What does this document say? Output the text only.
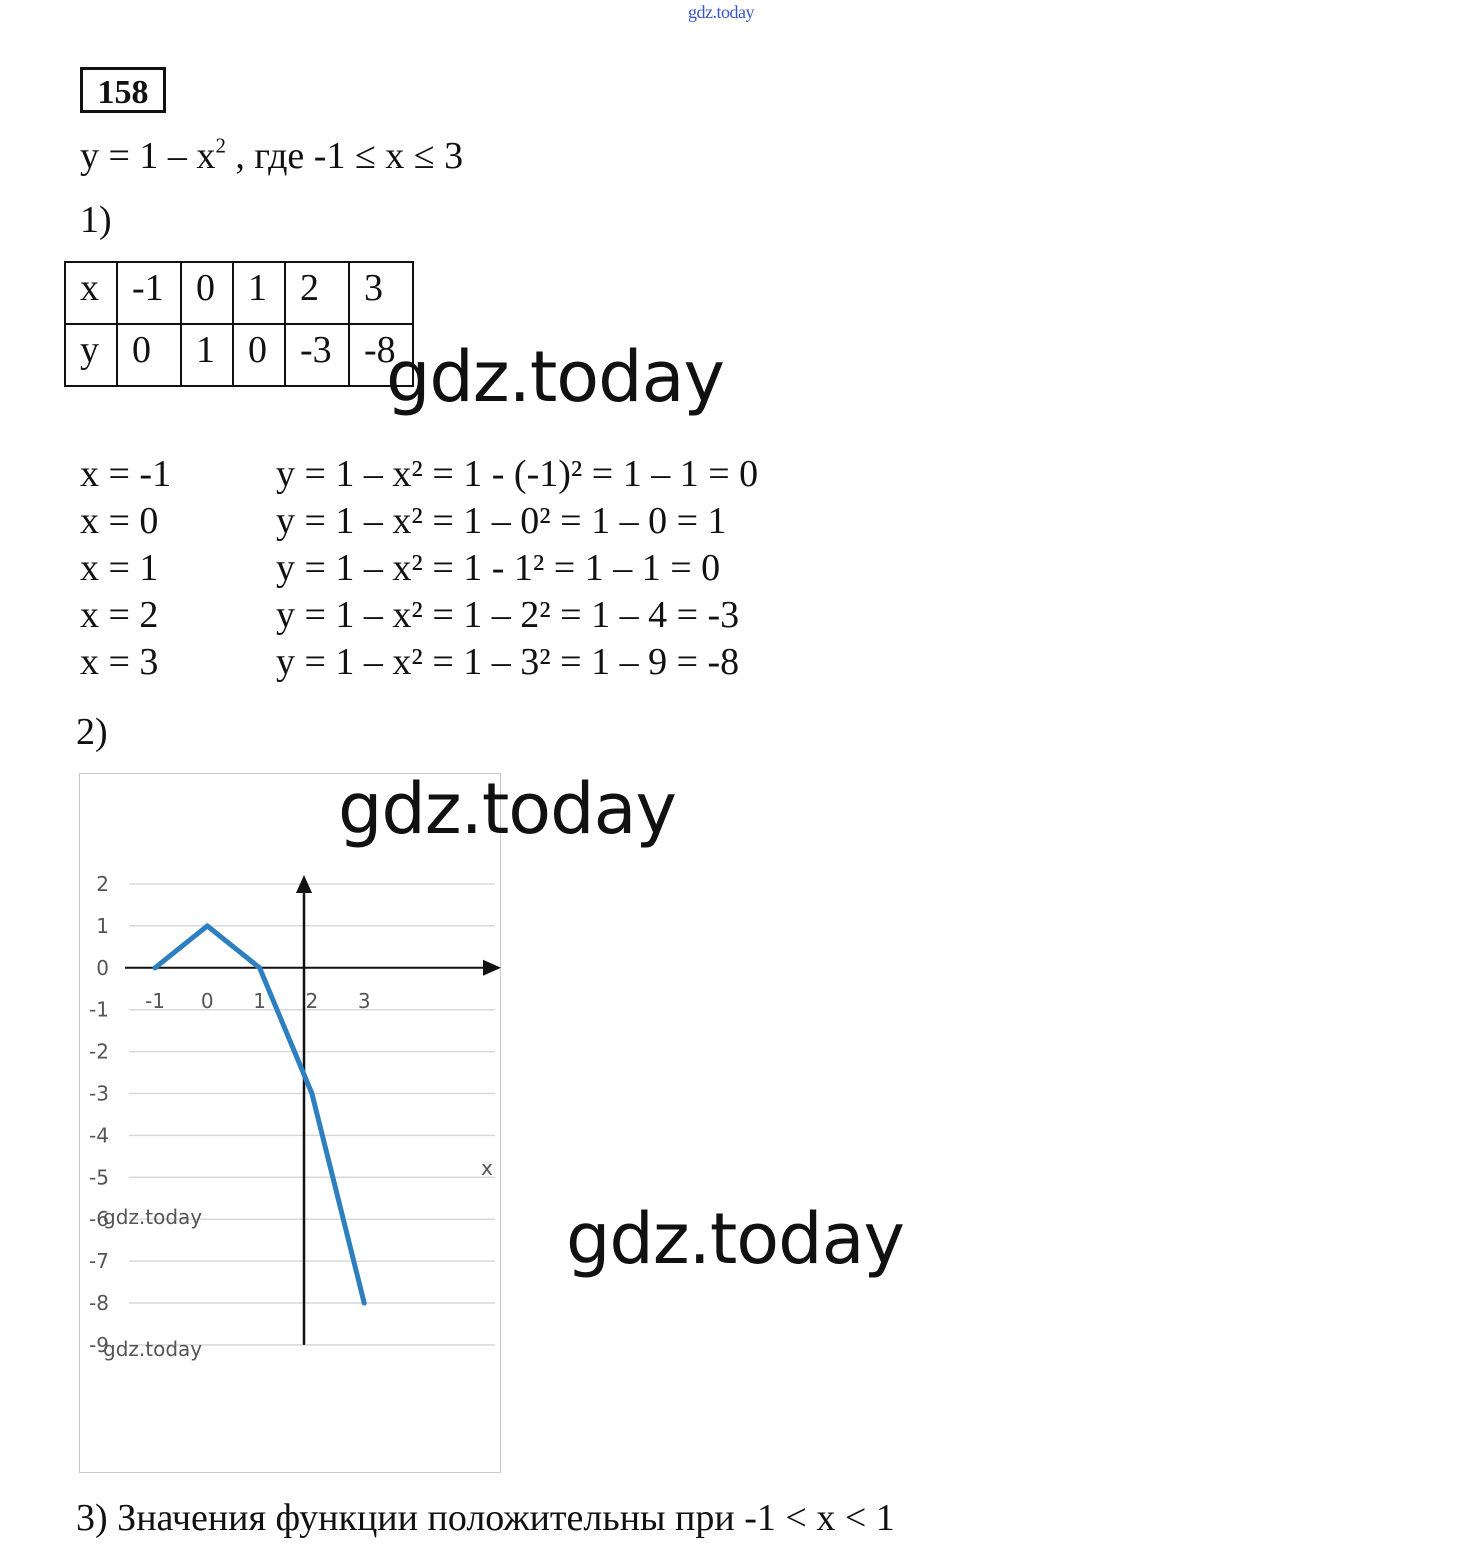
gdz.today
158
$y = 1 - x^2$ , где -1 ≤ x ≤ 3
1)
x	-1	0	1	2	3
y	0	1	0	-3	-8
gdz.today
x = -1	y = 1 – x² = 1 - (-1)² = 1 – 1 = 0
x = 0	y = 1 – x² = 1 – 0² = 1 – 0 = 1
x = 1	y = 1 – x² = 1 - 1² = 1 – 1 = 0
x = 2	y = 1 – x² = 1 – 2² = 1 – 4 = -3
x = 3	y = 1 – x² = 1 – 3² = 1 – 9 = -8
2)
2
1
0
-1
-2
-3
-4
-5
-6
-7
-8
-9
-1 0 1 2 3
x
gdz.today
gdz.today
gdz.today
gdz.today
3) Значения функции положительны при -1 < x < 1
